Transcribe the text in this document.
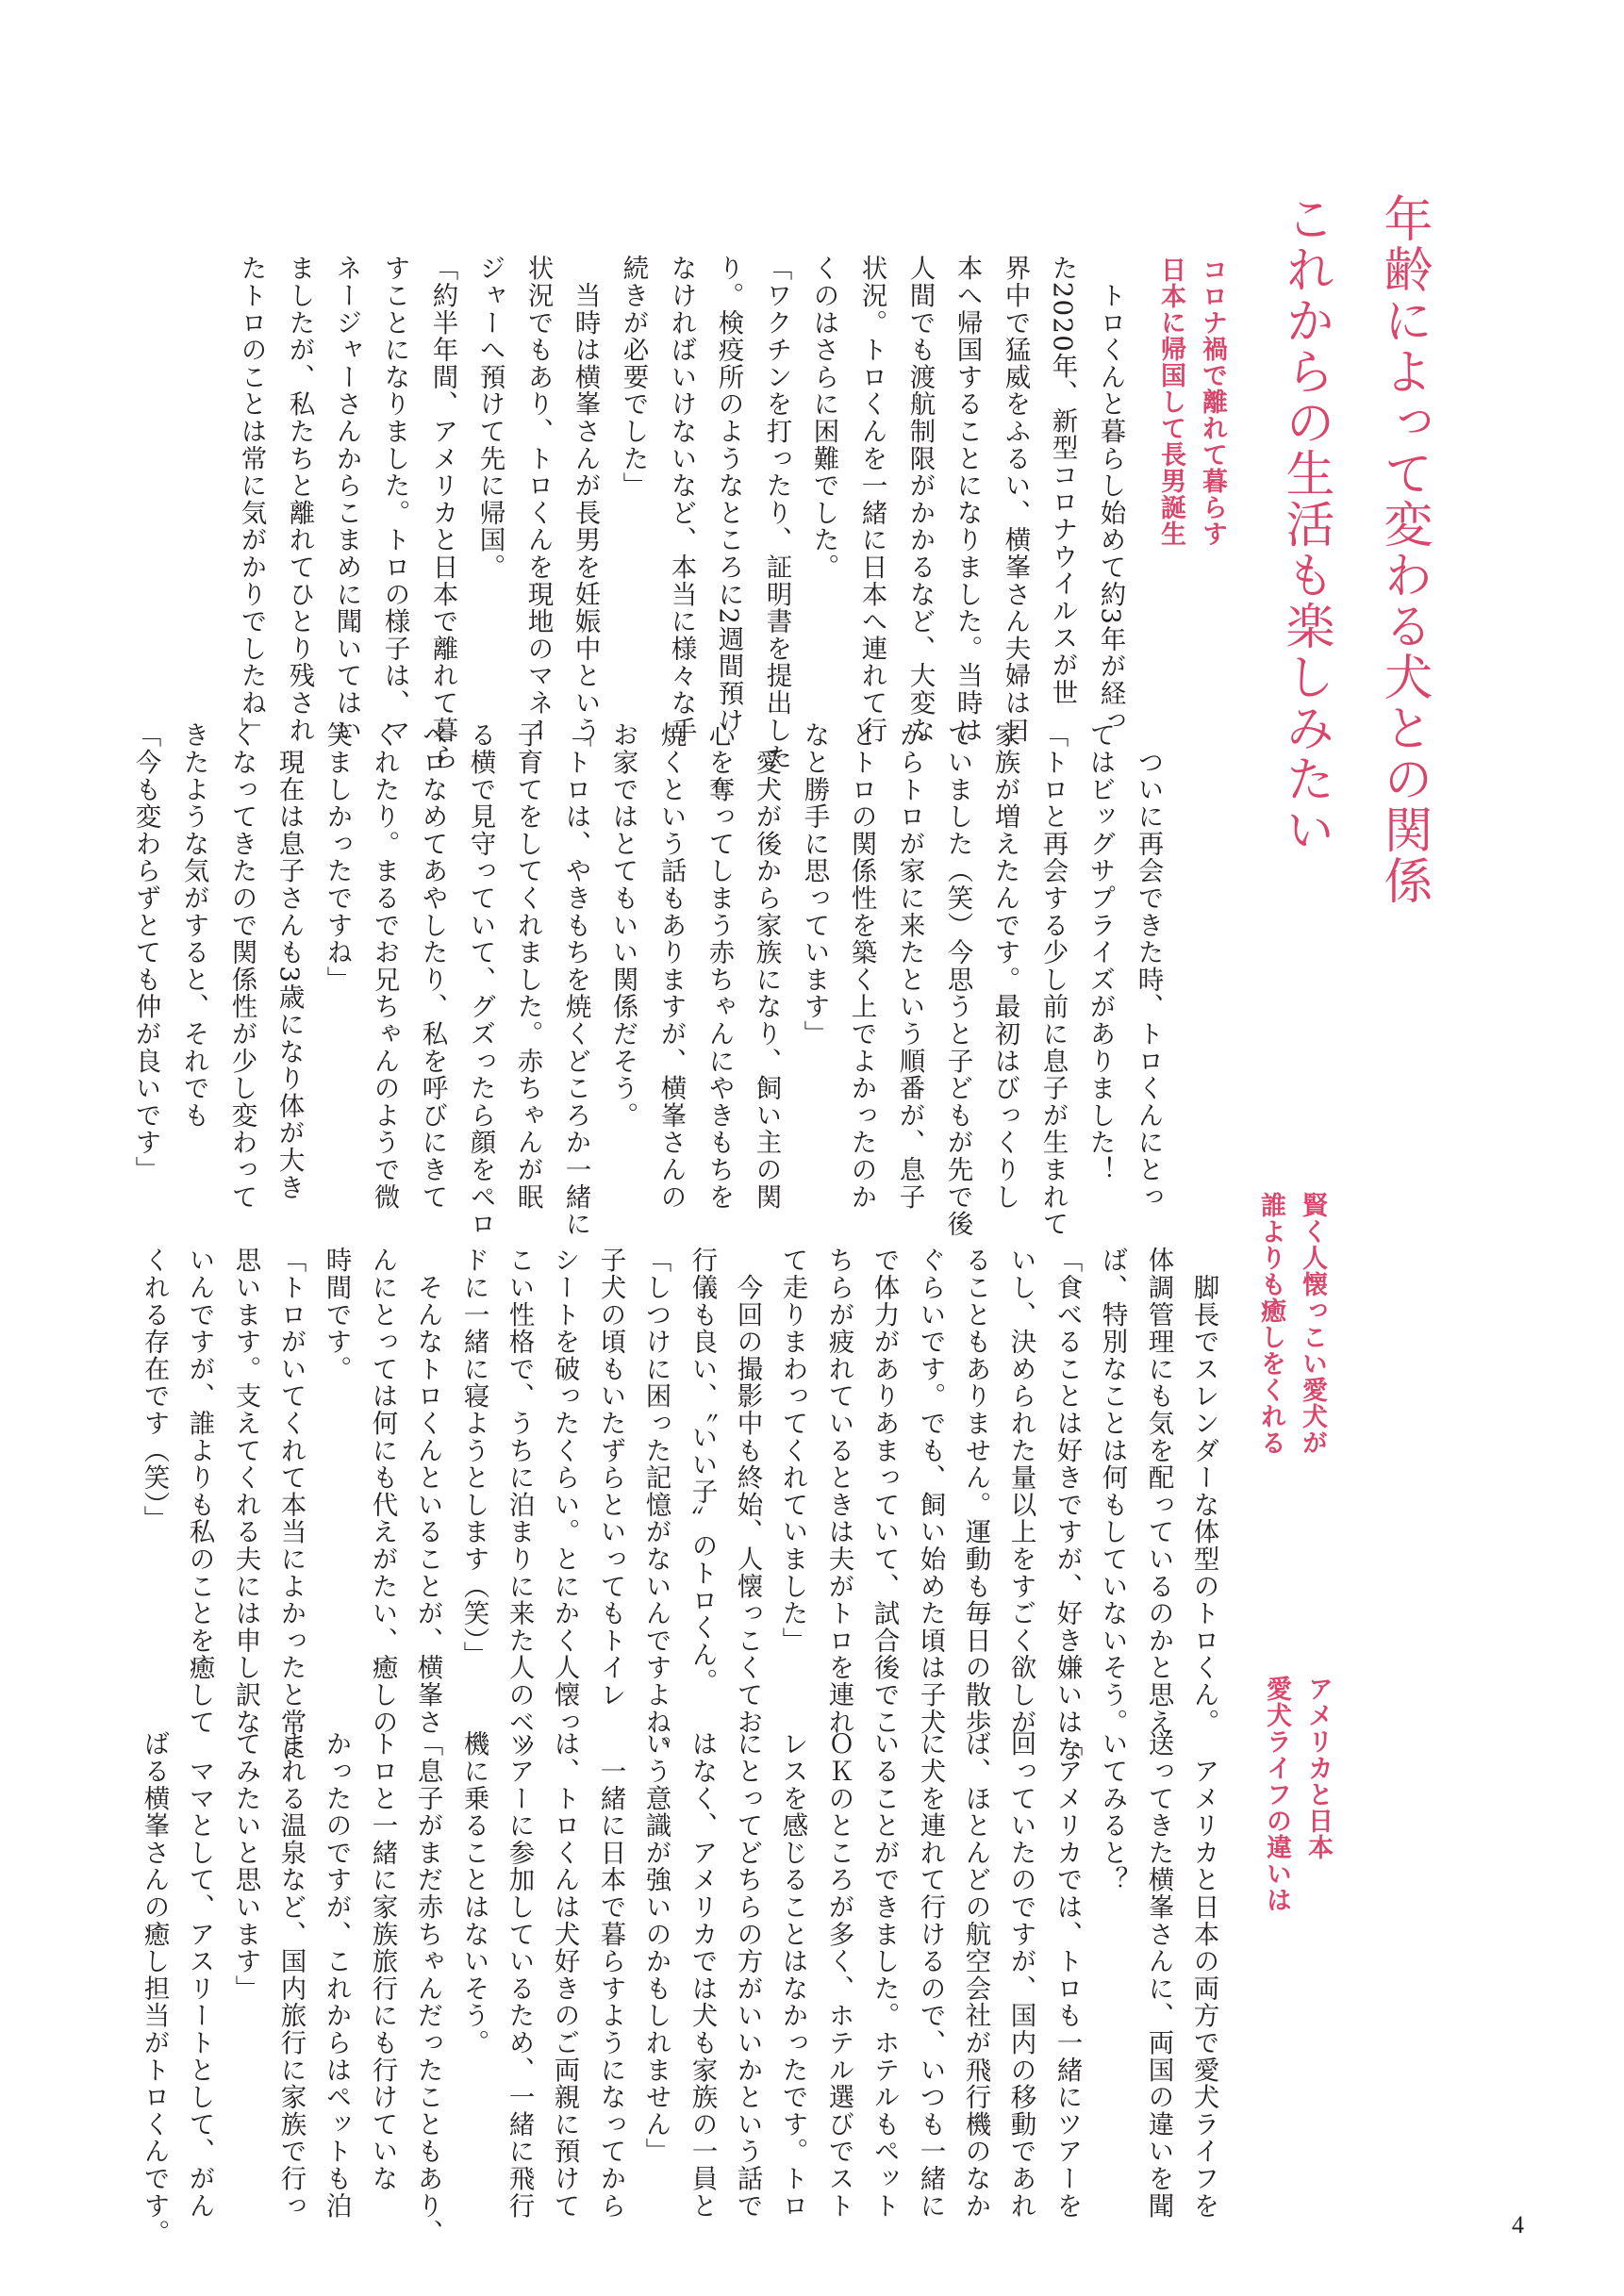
年齢によって変わる犬との関係
これからの生活も楽しみたい
コロナ禍で離れて暮らす
日本に帰国して長男誕生
　トロくんと暮らし始めて約3年が経っ
た2020年、新型コロナウイルスが世
界中で猛威をふるい、横峯さん夫婦は日
本へ帰国することになりました。当時は
人間でも渡航制限がかかるなど、大変な
状況。トロくんを一緒に日本へ連れて行
くのはさらに困難でした。
「ワクチンを打ったり、証明書を提出した
り。検疫所のようなところに2週間預け
なければいけないなど、本当に様々な手
続きが必要でした」
　当時は横峯さんが長男を妊娠中という
状況でもあり、トロくんを現地のマネー
ジャーへ預けて先に帰国。
「約半年間、アメリカと日本で離れて暮ら
すことになりました。トロの様子は、マ
ネージャーさんからこまめに聞いてはい
ましたが、私たちと離れてひとり残され
たトロのことは常に気がかりでしたね」
　ついに再会できた時、トロくんにとっ
てはビッグサプライズがありました！
「トロと再会する少し前に息子が生まれて
家族が増えたんです。最初はびっくりし
ていました（笑）今思うと子どもが先で後
からトロが家に来たという順番が、息子
とトロの関係性を築く上でよかったのか
なと勝手に思っています」
　愛犬が後から家族になり、飼い主の関
心を奪ってしまう赤ちゃんにやきもちを
焼くという話もありますが、横峯さんの
お家ではとてもいい関係だそう。
「トロは、やきもちを焼くどころか一緒に
子育てをしてくれました。赤ちゃんが眠
る横で見守っていて、グズったら顔をペロ
ペロなめてあやしたり、私を呼びにきて
くれたり。まるでお兄ちゃんのようで微
笑ましかったですね」
　現在は息子さんも3歳になり体が大き
くなってきたので関係性が少し変わって
きたような気がすると、それでも
「今も変わらずとても仲が良いです」
賢く人懐っこい愛犬が
誰よりも癒しをくれる
　脚長でスレンダーな体型のトロくん。
体調管理にも気を配っているのかと思え
ば、特別なことは何もしていないそう。
「食べることは好きですが、好き嫌いはな
いし、決められた量以上をすごく欲しが
ることもありません。運動も毎日の散歩
ぐらいです。でも、飼い始めた頃は子犬
で体力がありあまっていて、試合後でこ
ちらが疲れているときは夫がトロを連れ
て走りまわってくれていました」
　今回の撮影中も終始、人懐っこくてお
行儀も良い、〝いい子〟のトロくん。
「しつけに困った記憶がないんですよね。
子犬の頃もいたずらといってもトイレ
シートを破ったくらい。とにかく人懐っ
こい性格で、うちに泊まりに来た人のベッ
ドに一緒に寝ようとします（笑）」
　そんなトロくんといることが、横峯さ
んにとっては何にも代えがたい、癒しの
時間です。
「トロがいてくれて本当によかったと常に
思います。支えてくれる夫には申し訳な
いんですが、誰よりも私のことを癒して
くれる存在です（笑）」
アメリカと日本
愛犬ライフの違いは
　アメリカと日本の両方で愛犬ライフを
送ってきた横峯さんに、両国の違いを聞
いてみると？
「アメリカでは、トロも一緒にツアーを
回っていたのですが、国内の移動であれ
ば、ほとんどの航空会社が飛行機のなか
に犬を連れて行けるので、いつも一緒に
いることができました。ホテルもペット
ＯＫのところが多く、ホテル選びでスト
レスを感じることはなかったです。トロ
にとってどちらの方がいいかという話で
はなく、アメリカでは犬も家族の一員と
いう意識が強いのかもしれません」
　一緒に日本で暮らすようになってから
は、トロくんは犬好きのご両親に預けて
ツアーに参加しているため、一緒に飛行
機に乗ることはないそう。
「息子がまだ赤ちゃんだったこともあり、
トロと一緒に家族旅行にも行けていな
かったのですが、これからはペットも泊
まれる温泉など、国内旅行に家族で行っ
てみたいと思います」
　ママとして、アスリートとして、がん
ばる横峯さんの癒し担当がトロくんです。	4
